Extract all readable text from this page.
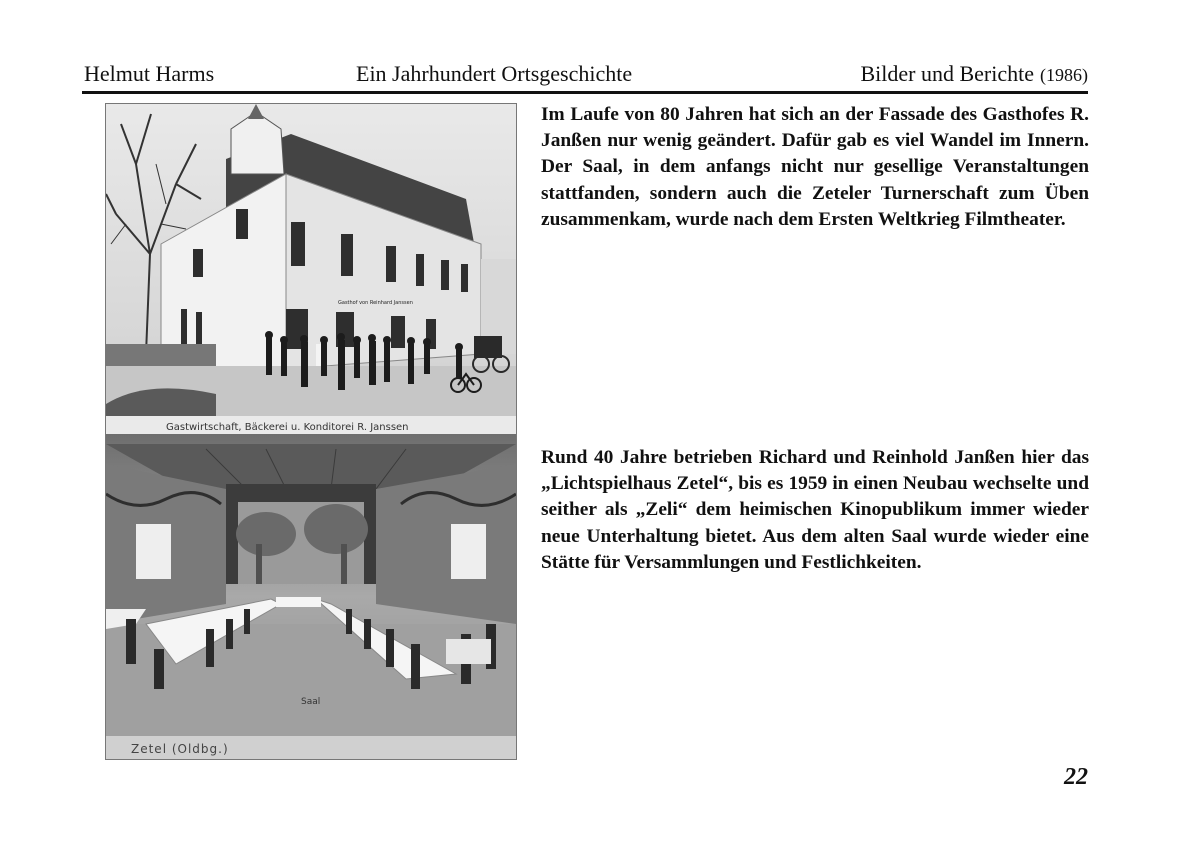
Helmut Harms	Ein Jahrhundert Ortsgeschichte	Bilder und Berichte (1986)
Gasthof von Reinhard Janssen
Gastwirtschaft, Bäckerei u. Konditorei R. Janssen
Saal
Zetel (Oldbg.)

Im Laufe von 80 Jahren hat sich an der Fassade des Gasthofes R. Janßen nur wenig geändert. Dafür gab es viel Wandel im Innern. Der Saal, in dem anfangs nicht nur gesellige Veranstaltungen stattfanden, sondern auch die Zeteler Turnerschaft zum Üben zusammenkam, wurde nach dem Ersten Weltkrieg Filmtheater.

Rund 40 Jahre betrieben Richard und Reinhold Janßen hier das „Lichtspielhaus Zetel“, bis es 1959 in einen Neubau wechselte und seither als „Zeli“ dem heimischen Kinopublikum immer wieder neue Unterhaltung bietet. Aus dem alten Saal wurde wieder eine Stätte für Versammlungen und Festlichkeiten.

22
